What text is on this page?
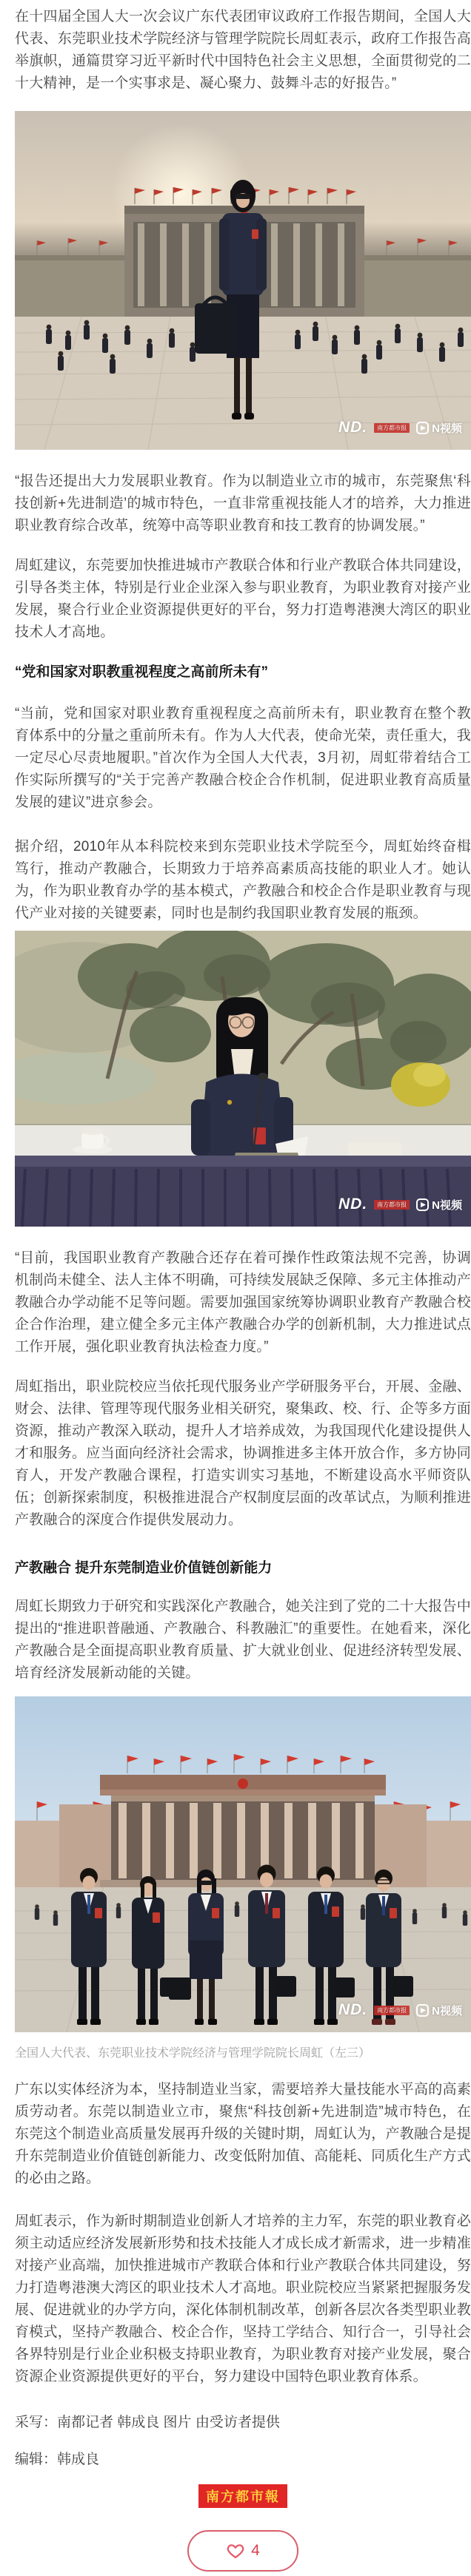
在十四届全国人大一次会议广东代表团审议政府工作报告期间，全国人大代表、东莞职业技术学院经济与管理学院院长周虹表示，政府工作报告高举旗帜，通篇贯穿习近平新时代中国特色社会主义思想，全面贯彻党的二十大精神，是一个实事求是、凝心聚力、鼓舞斗志的好报告。”

ND.	南方都市报 N视频

“报告还提出大力发展职业教育。作为以制造业立市的城市，东莞聚焦‘科技创新+先进制造’的城市特色，一直非常重视技能人才的培养，大力推进职业教育综合改革，统筹中高等职业教育和技工教育的协调发展。”

周虹建议，东莞要加快推进城市产教联合体和行业产教联合体共同建设，引导各类主体，特别是行业企业深入参与职业教育，为职业教育对接产业发展，聚合行业企业资源提供更好的平台，努力打造粤港澳大湾区的职业技术人才高地。

“党和国家对职教重视程度之高前所未有”

“当前，党和国家对职业教育重视程度之高前所未有，职业教育在整个教育体系中的分量之重前所未有。作为人大代表，使命光荣，责任重大，我一定尽心尽责地履职。”首次作为全国人大代表，3月初，周虹带着结合工作实际所撰写的“关于完善产教融合校企合作机制，促进职业教育高质量发展的建议”进京参会。

据介绍，2010年从本科院校来到东莞职业技术学院至今，周虹始终奋楫笃行，推动产教融合，长期致力于培养高素质高技能的职业人才。她认为，作为职业教育办学的基本模式，产教融合和校企合作是职业教育与现代产业对接的关键要素，同时也是制约我国职业教育发展的瓶颈。

ND.	南方都市报 N视频

“目前，我国职业教育产教融合还存在着可操作性政策法规不完善，协调机制尚未健全、法人主体不明确，可持续发展缺乏保障、多元主体推动产教融合办学动能不足等问题。需要加强国家统筹协调职业教育产教融合校企合作治理，建立健全多元主体产教融合办学的创新机制，大力推进试点工作开展，强化职业教育执法检查力度。”

周虹指出，职业院校应当依托现代服务业产学研服务平台，开展、金融、财会、法律、管理等现代服务业相关研究，聚集政、校、行、企等多方面资源，推动产教深入联动，提升人才培养成效，为我国现代化建设提供人才和服务。应当面向经济社会需求，协调推进多主体开放合作，多方协同育人，开发产教融合课程，打造实训实习基地，不断建设高水平师资队伍；创新探索制度，积极推进混合产权制度层面的改革试点，为顺利推进产教融合的深度合作提供发展动力。

产教融合 提升东莞制造业价值链创新能力

周虹长期致力于研究和实践深化产教融合，她关注到了党的二十大报告中提出的“推进职普融通、产教融合、科教融汇”的重要性。在她看来，深化产教融合是全面提高职业教育质量、扩大就业创业、促进经济转型发展、培育经济发展新动能的关键。

ND.	南方都市报 N视频
全国人大代表、东莞职业技术学院经济与管理学院院长周虹（左三）

广东以实体经济为本，坚持制造业当家，需要培养大量技能水平高的高素质劳动者。东莞以制造业立市，聚焦“科技创新+先进制造”城市特色，在东莞这个制造业高质量发展再升级的关键时期，周虹认为，产教融合是提升东莞制造业价值链创新能力、改变低附加值、高能耗、同质化生产方式的必由之路。

周虹表示，作为新时期制造业创新人才培养的主力军，东莞的职业教育必须主动适应经济发展新形势和技术技能人才成长成才新需求，进一步精准对接产业高端，加快推进城市产教联合体和行业产教联合体共同建设，努力打造粤港澳大湾区的职业技术人才高地。职业院校应当紧紧把握服务发展、促进就业的办学方向，深化体制机制改革，创新各层次各类型职业教育模式，坚持产教融合、校企合作，坚持工学结合、知行合一，引导社会各界特别是行业企业积极支持职业教育，为职业教育对接产业发展，聚合资源企业资源提供更好的平台，努力建设中国特色职业教育体系。

采写：南都记者 韩成良 图片 由受访者提供

编辑：韩成良

南方都市報
4
